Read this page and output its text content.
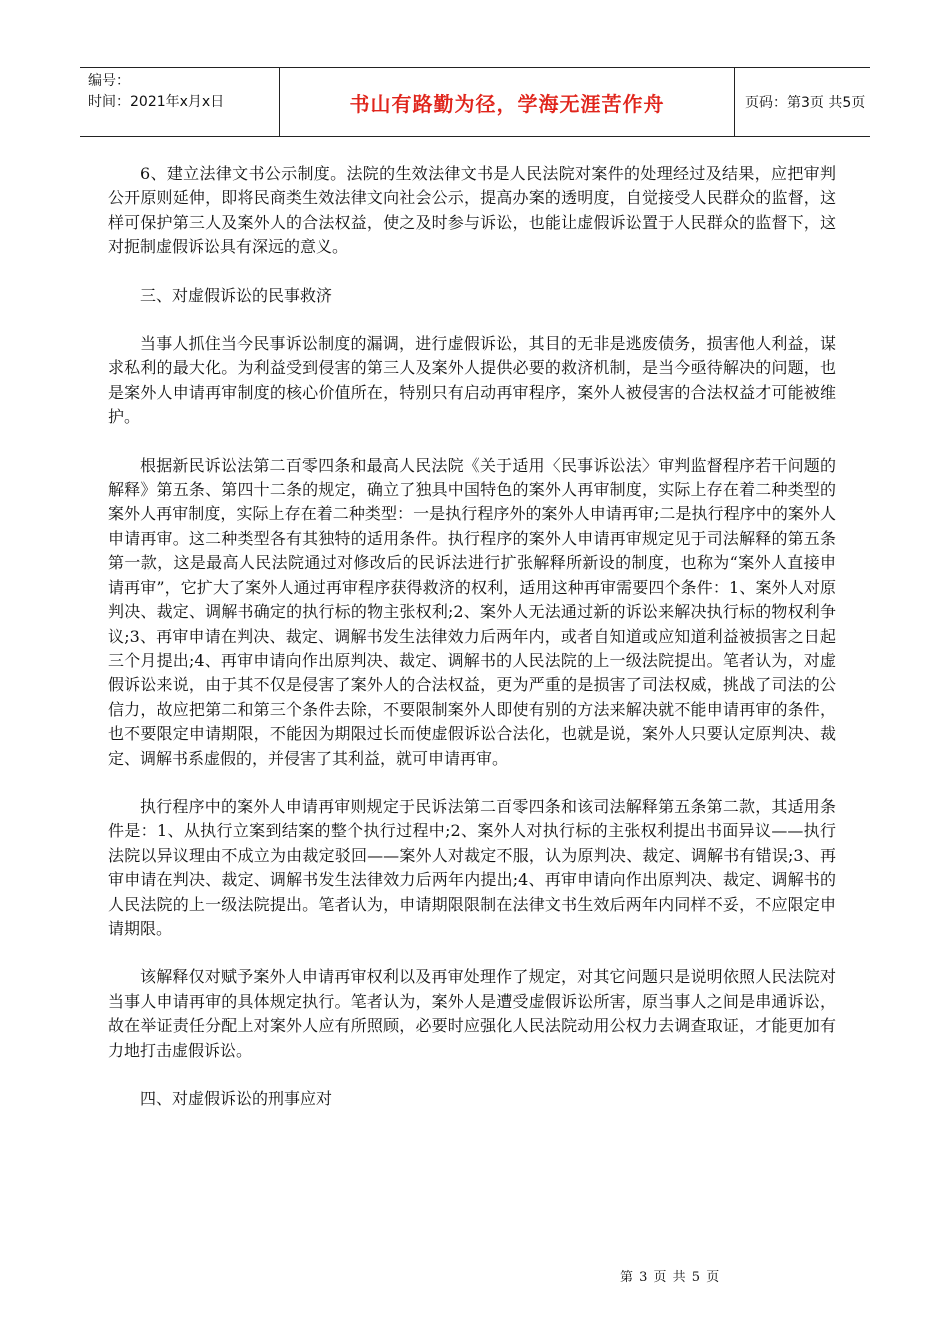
编号：
时间：2021年x月x日	书山有路勤为径，学海无涯苦作舟	页码：第3页 共5页

6、建立法律文书公示制度。法院的生效法律文书是人民法院对案件的处理经过及结果，应把审判公开原则延伸，即将民商类生效法律文向社会公示，提高办案的透明度，自觉接受人民群众的监督，这样可保护第三人及案外人的合法权益，使之及时参与诉讼，也能让虚假诉讼置于人民群众的监督下，这对扼制虚假诉讼具有深远的意义。

三、对虚假诉讼的民事救济

当事人抓住当今民事诉讼制度的漏调，进行虚假诉讼，其目的无非是逃废债务，损害他人利益，谋求私利的最大化。为利益受到侵害的第三人及案外人提供必要的救济机制，是当今亟待解决的问题，也是案外人申请再审制度的核心价值所在，特别只有启动再审程序，案外人被侵害的合法权益才可能被维护。

根据新民诉讼法第二百零四条和最高人民法院《关于适用〈民事诉讼法〉审判监督程序若干问题的解释》第五条、第四十二条的规定，确立了独具中国特色的案外人再审制度，实际上存在着二种类型的案外人再审制度，实际上存在着二种类型：一是执行程序外的案外人申请再审;二是执行程序中的案外人申请再审。这二种类型各有其独特的适用条件。执行程序的案外人申请再审规定见于司法解释的第五条第一款，这是最高人民法院通过对修改后的民诉法进行扩张解释所新设的制度，也称为“案外人直接申请再审”，它扩大了案外人通过再审程序获得救济的权利，适用这种再审需要四个条件：1、案外人对原判决、裁定、调解书确定的执行标的物主张权利;2、案外人无法通过新的诉讼来解决执行标的物权利争议;3、再审申请在判决、裁定、调解书发生法律效力后两年内，或者自知道或应知道利益被损害之日起三个月提出;4、再审申请向作出原判决、裁定、调解书的人民法院的上一级法院提出。笔者认为，对虚假诉讼来说，由于其不仅是侵害了案外人的合法权益，更为严重的是损害了司法权威，挑战了司法的公信力，故应把第二和第三个条件去除，不要限制案外人即使有别的方法来解决就不能申请再审的条件，也不要限定申请期限，不能因为期限过长而使虚假诉讼合法化，也就是说，案外人只要认定原判决、裁定、调解书系虚假的，并侵害了其利益，就可申请再审。

执行程序中的案外人申请再审则规定于民诉法第二百零四条和该司法解释第五条第二款，其适用条件是：1、从执行立案到结案的整个执行过程中;2、案外人对执行标的主张权利提出书面异议——执行法院以异议理由不成立为由裁定驳回——案外人对裁定不服，认为原判决、裁定、调解书有错误;3、再审申请在判决、裁定、调解书发生法律效力后两年内提出;4、再审申请向作出原判决、裁定、调解书的人民法院的上一级法院提出。笔者认为，申请期限限制在法律文书生效后两年内同样不妥，不应限定申请期限。

该解释仅对赋予案外人申请再审权利以及再审处理作了规定，对其它问题只是说明依照人民法院对当事人申请再审的具体规定执行。笔者认为，案外人是遭受虚假诉讼所害，原当事人之间是串通诉讼，故在举证责任分配上对案外人应有所照顾，必要时应强化人民法院动用公权力去调查取证，才能更加有力地打击虚假诉讼。

四、对虚假诉讼的刑事应对

第 3 页 共 5 页
